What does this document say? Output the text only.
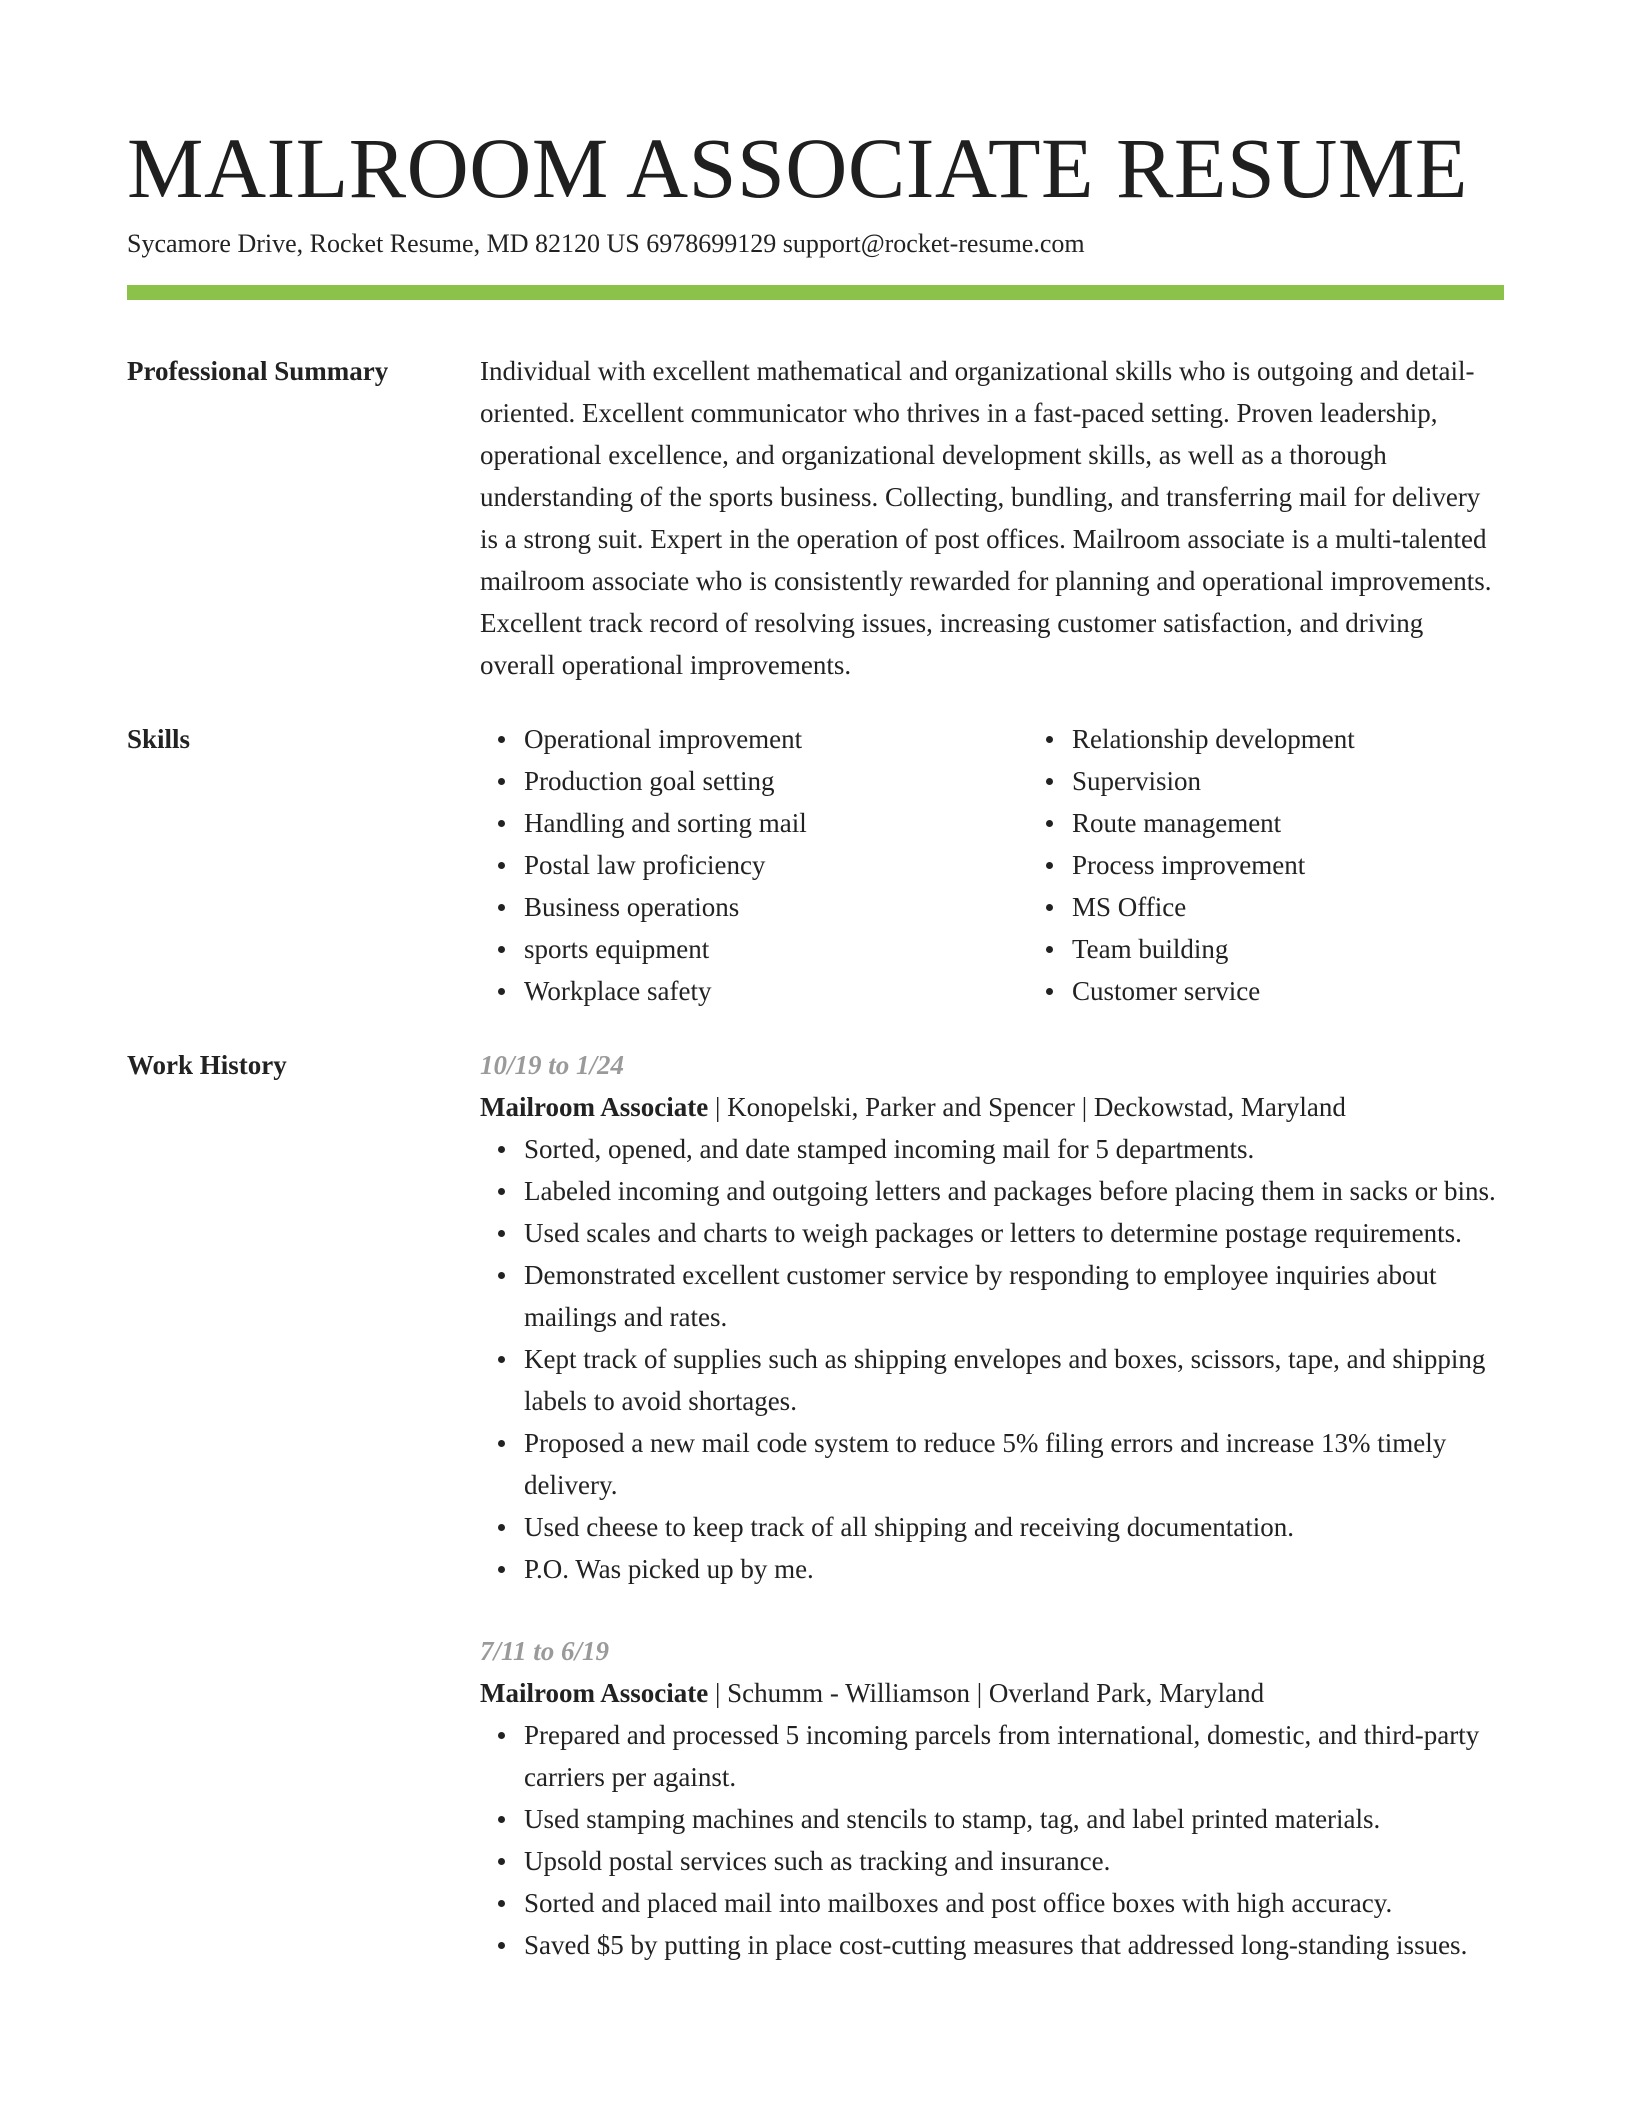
MAILROOM ASSOCIATE RESUME
Sycamore Drive, Rocket Resume, MD 82120 US 6978699129 support@rocket-resume.com
Professional Summary	Individual with excellent mathematical and organizational skills who is outgoing and detail-oriented. Excellent communicator who thrives in a fast-paced setting. Proven leadership, operational excellence, and organizational development skills, as well as a thorough understanding of the sports business. Collecting, bundling, and transferring mail for delivery is a strong suit. Expert in the operation of post offices. Mailroom associate is a multi-talented mailroom associate who is consistently rewarded for planning and operational improvements. Excellent track record of resolving issues, increasing customer satisfaction, and driving overall operational improvements.
Skills	Operational improvement
Production goal setting
Handling and sorting mail
Postal law proficiency
Business operations
sports equipment
Workplace safety
Relationship development
Supervision
Route management
Process improvement
MS Office
Team building
Customer service
Work History	10/19 to 1/24
Mailroom Associate | Konopelski, Parker and Spencer | Deckowstad, Maryland
Sorted, opened, and date stamped incoming mail for 5 departments.
Labeled incoming and outgoing letters and packages before placing them in sacks or bins.
Used scales and charts to weigh packages or letters to determine postage requirements.
Demonstrated excellent customer service by responding to employee inquiries about mailings and rates.
Kept track of supplies such as shipping envelopes and boxes, scissors, tape, and shipping labels to avoid shortages.
Proposed a new mail code system to reduce 5% filing errors and increase 13% timely delivery.
Used cheese to keep track of all shipping and receiving documentation.
P.O. Was picked up by me.
7/11 to 6/19
Mailroom Associate | Schumm - Williamson | Overland Park, Maryland
Prepared and processed 5 incoming parcels from international, domestic, and third-party carriers per against.
Used stamping machines and stencils to stamp, tag, and label printed materials.
Upsold postal services such as tracking and insurance.
Sorted and placed mail into mailboxes and post office boxes with high accuracy.
Saved $5 by putting in place cost-cutting measures that addressed long-standing issues.
